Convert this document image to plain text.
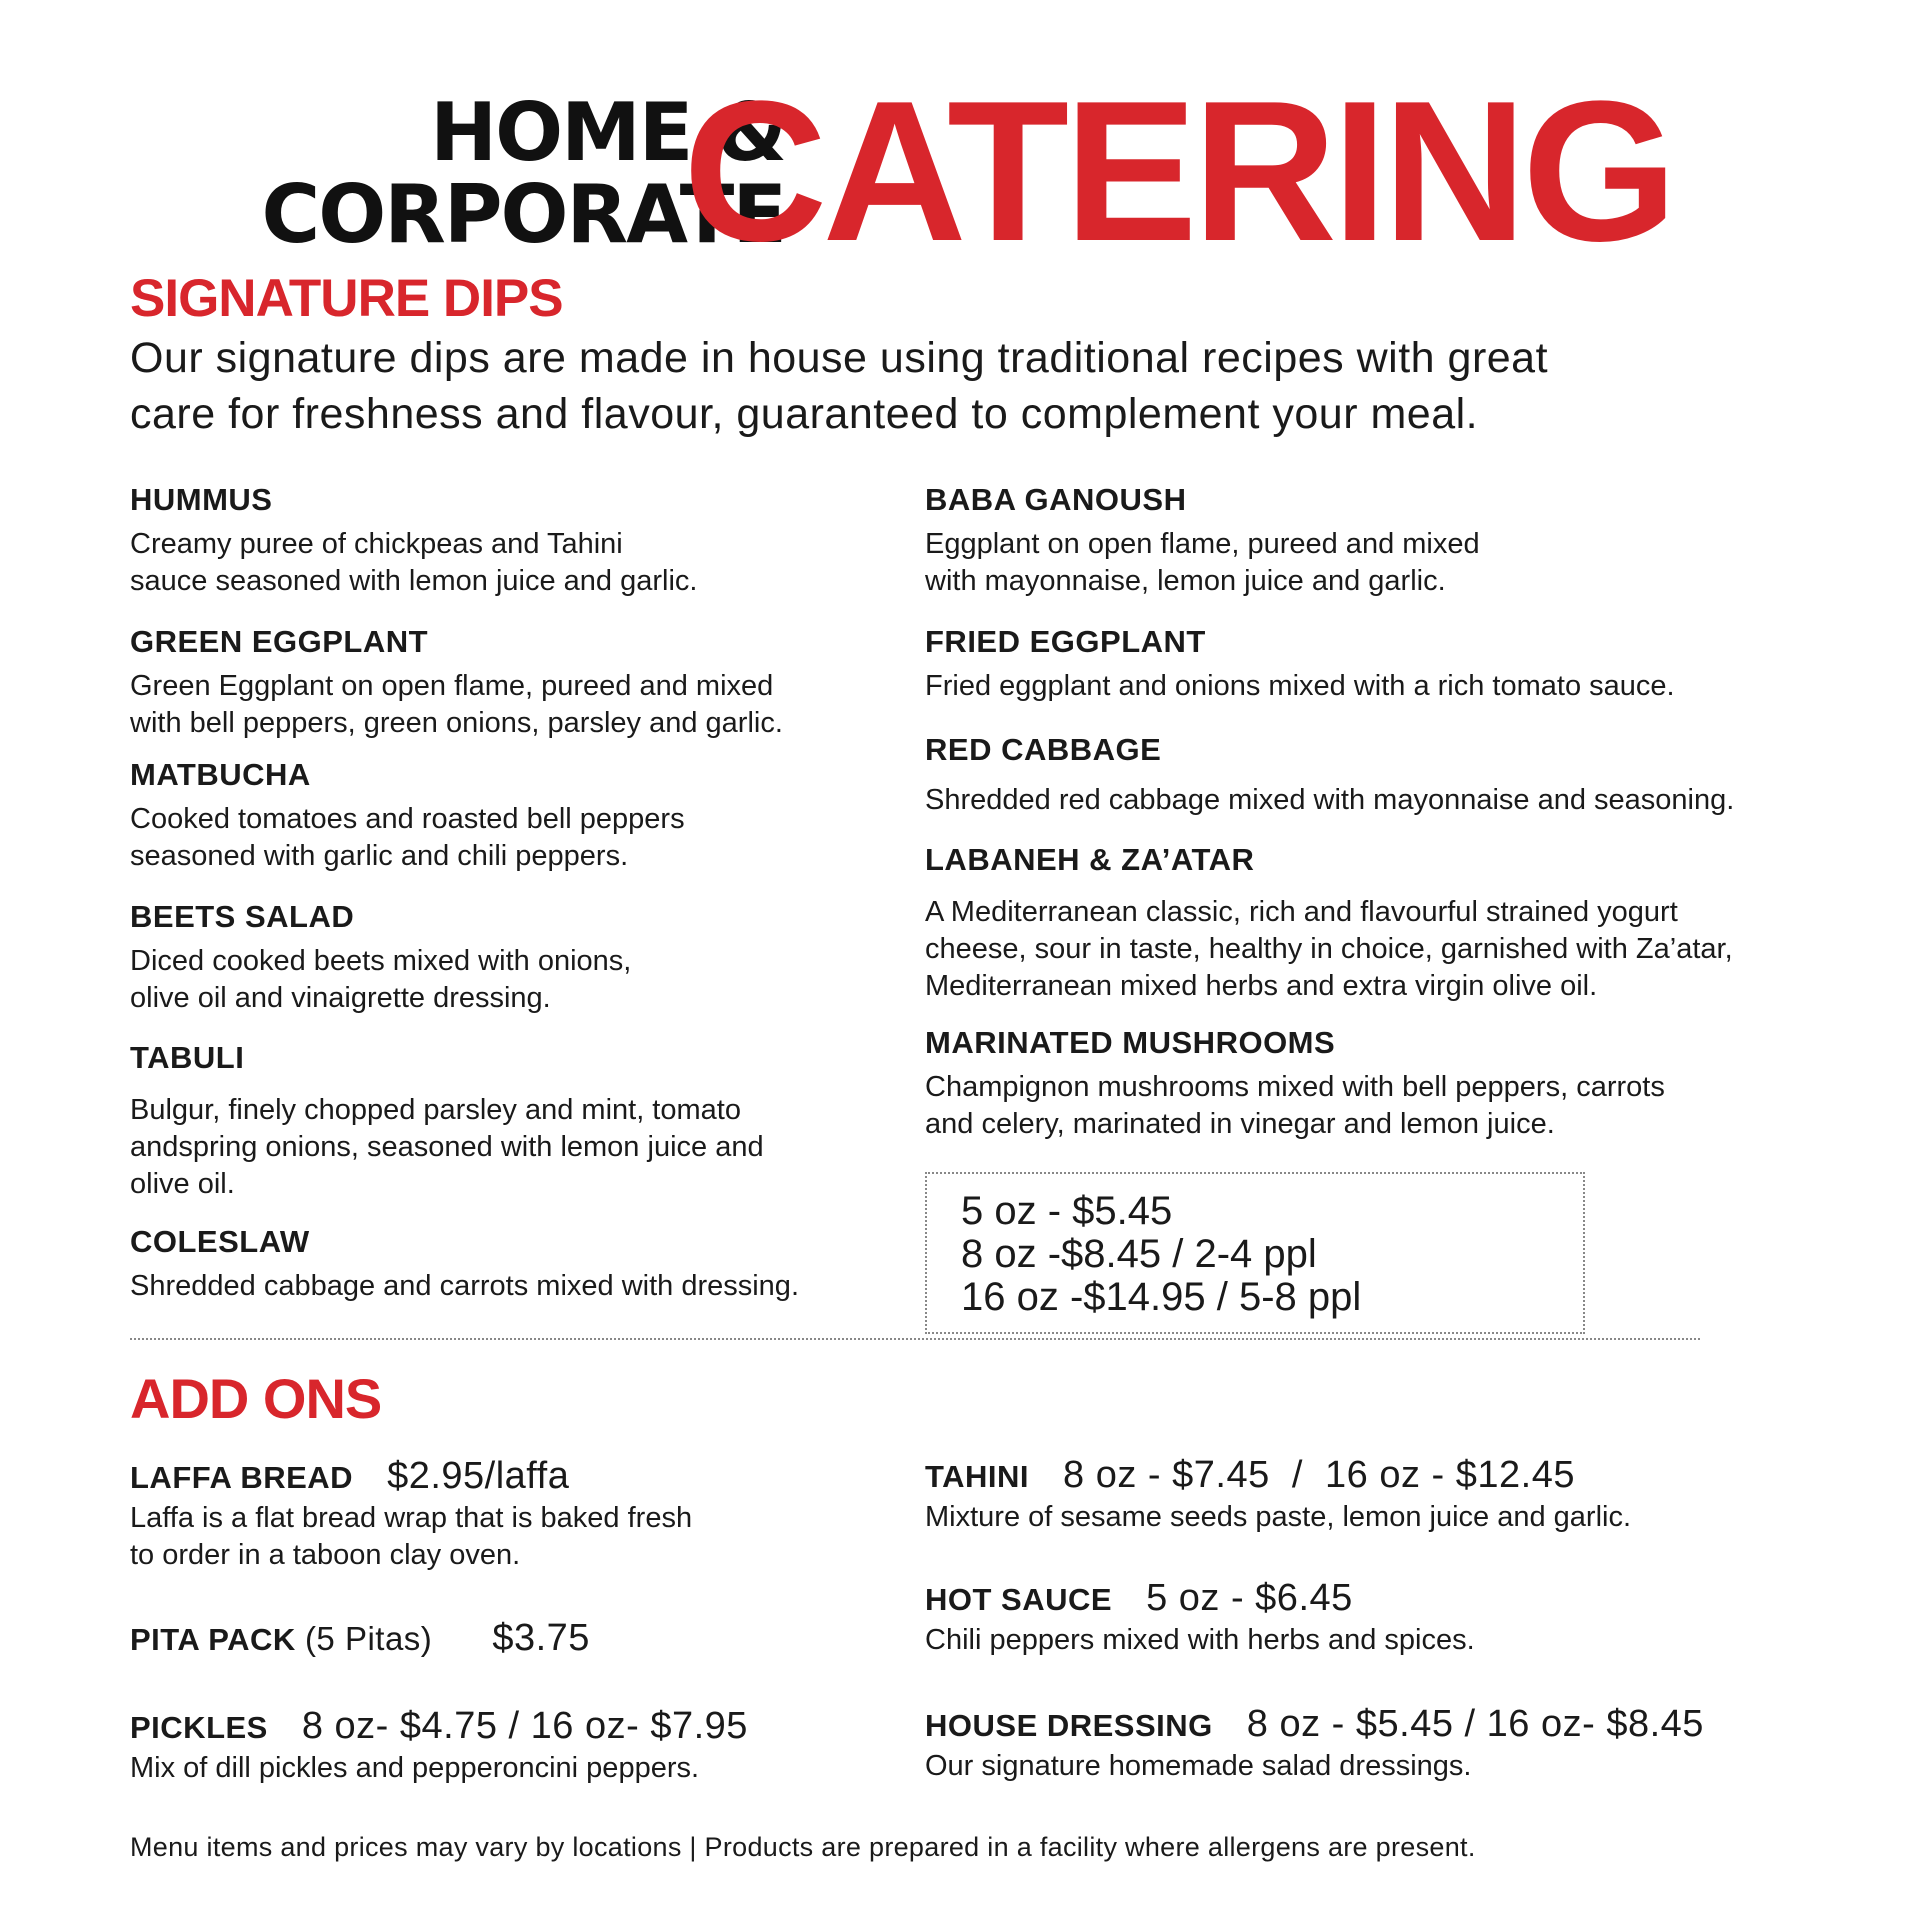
HOME &
CORPORATE
CATERING
SIGNATURE DIPS
Our signature dips are made in house using traditional recipes with great
care for freshness and flavour, guaranteed to complement your meal.
HUMMUS
Creamy puree of chickpeas and Tahini
sauce seasoned with lemon juice and garlic.
GREEN EGGPLANT
Green Eggplant on open flame, pureed and mixed
with bell peppers, green onions, parsley and garlic.
MATBUCHA
Cooked tomatoes and roasted bell peppers
seasoned with garlic and chili peppers.
BEETS SALAD
Diced cooked beets mixed with onions,
olive oil and vinaigrette dressing.
TABULI
Bulgur, finely chopped parsley and mint, tomato
andspring onions, seasoned with lemon juice and
olive oil.
COLESLAW
Shredded cabbage and carrots mixed with dressing.
BABA GANOUSH
Eggplant on open flame, pureed and mixed
with mayonnaise, lemon juice and garlic.
FRIED EGGPLANT
Fried eggplant and onions mixed with a rich tomato sauce.
RED CABBAGE
Shredded red cabbage mixed with mayonnaise and seasoning.
LABANEH & ZA’ATAR
A Mediterranean classic, rich and flavourful strained yogurt
cheese, sour in taste, healthy in choice, garnished with Za’atar,
Mediterranean mixed herbs and extra virgin olive oil.
MARINATED MUSHROOMS
Champignon mushrooms mixed with bell peppers, carrots
and celery, marinated in vinegar and lemon juice.
5 oz - $5.45
8 oz -$8.45 / 2-4 ppl
16 oz -$14.95 / 5-8 ppl
ADD ONS
LAFFA BREAD $2.95/laffa
Laffa is a flat bread wrap that is baked fresh
to order in a taboon clay oven.
PITA PACK (5 Pitas) $3.75
PICKLES 8 oz- $4.75 / 16 oz- $7.95
Mix of dill pickles and pepperoncini peppers.
TAHINI 8 oz - $7.45  /  16 oz - $12.45
Mixture of sesame seeds paste, lemon juice and garlic.
HOT SAUCE 5 oz - $6.45
Chili peppers mixed with herbs and spices.
HOUSE DRESSING 8 oz - $5.45 / 16 oz- $8.45
Our signature homemade salad dressings.
Menu items and prices may vary by locations | Products are prepared in a facility where allergens are present.
